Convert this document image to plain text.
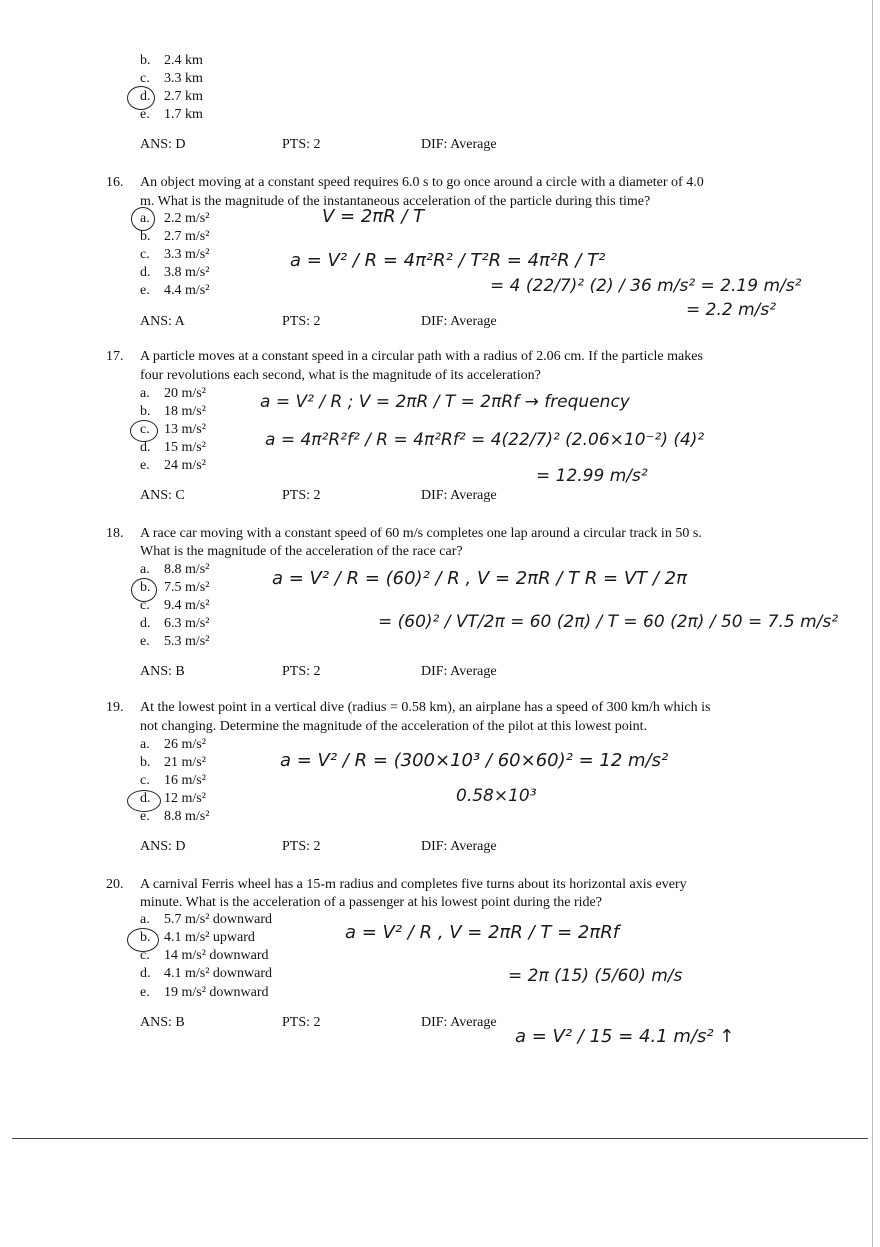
b. 2.4 km
c. 3.3 km
d. 2.7 km
e. 1.7 km
ANS: D	PTS: 2	DIF: Average
16. An object moving at a constant speed requires 6.0 s to go once around a circle with a diameter of 4.0
m. What is the magnitude of the instantaneous acceleration of the particle during this time?
a. 2.2 m/s²
b. 2.7 m/s²
c. 3.3 m/s²
d. 3.8 m/s²
e. 4.4 m/s²
ANS: A	PTS: 2	DIF: Average
V = 2πR / T
a = V² / R = 4π²R² / T²R = 4π²R / T²
= 4 (22/7)² (2) / 36 m/s² = 2.19 m/s²
= 2.2 m/s²
17. A particle moves at a constant speed in a circular path with a radius of 2.06 cm. If the particle makes
four revolutions each second, what is the magnitude of its acceleration?
a. 20 m/s²
b. 18 m/s²
c. 13 m/s²
d. 15 m/s²
e. 24 m/s²
ANS: C	PTS: 2	DIF: Average
a = V² / R ; V = 2πR / T = 2πRf → frequency
a = 4π²R²f² / R = 4π²Rf² = 4(22/7)² (2.06×10⁻²) (4)²
= 12.99 m/s²
18. A race car moving with a constant speed of 60 m/s completes one lap around a circular track in 50 s.
What is the magnitude of the acceleration of the race car?
a. 8.8 m/s²
b. 7.5 m/s²
c. 9.4 m/s²
d. 6.3 m/s²
e. 5.3 m/s²
ANS: B	PTS: 2	DIF: Average
a = V² / R = (60)² / R , V = 2πR / T R = VT / 2π
= (60)² / VT/2π = 60 (2π) / T = 60 (2π) / 50 = 7.5 m/s²
19. At the lowest point in a vertical dive (radius = 0.58 km), an airplane has a speed of 300 km/h which is
not changing. Determine the magnitude of the acceleration of the pilot at this lowest point.
a. 26 m/s²
b. 21 m/s²
c. 16 m/s²
d. 12 m/s²
e. 8.8 m/s²
ANS: D	PTS: 2	DIF: Average
a = V² / R = (300×10³ / 60×60)² = 12 m/s²
0.58×10³
20. A carnival Ferris wheel has a 15-m radius and completes five turns about its horizontal axis every
minute. What is the acceleration of a passenger at his lowest point during the ride?
a. 5.7 m/s² downward
b. 4.1 m/s² upward
c. 14 m/s² downward
d. 4.1 m/s² downward
e. 19 m/s² downward
ANS: B	PTS: 2	DIF: Average
a = V² / R , V = 2πR / T = 2πRf
= 2π (15) (5/60) m/s
a = V² / 15 = 4.1 m/s² ↑
